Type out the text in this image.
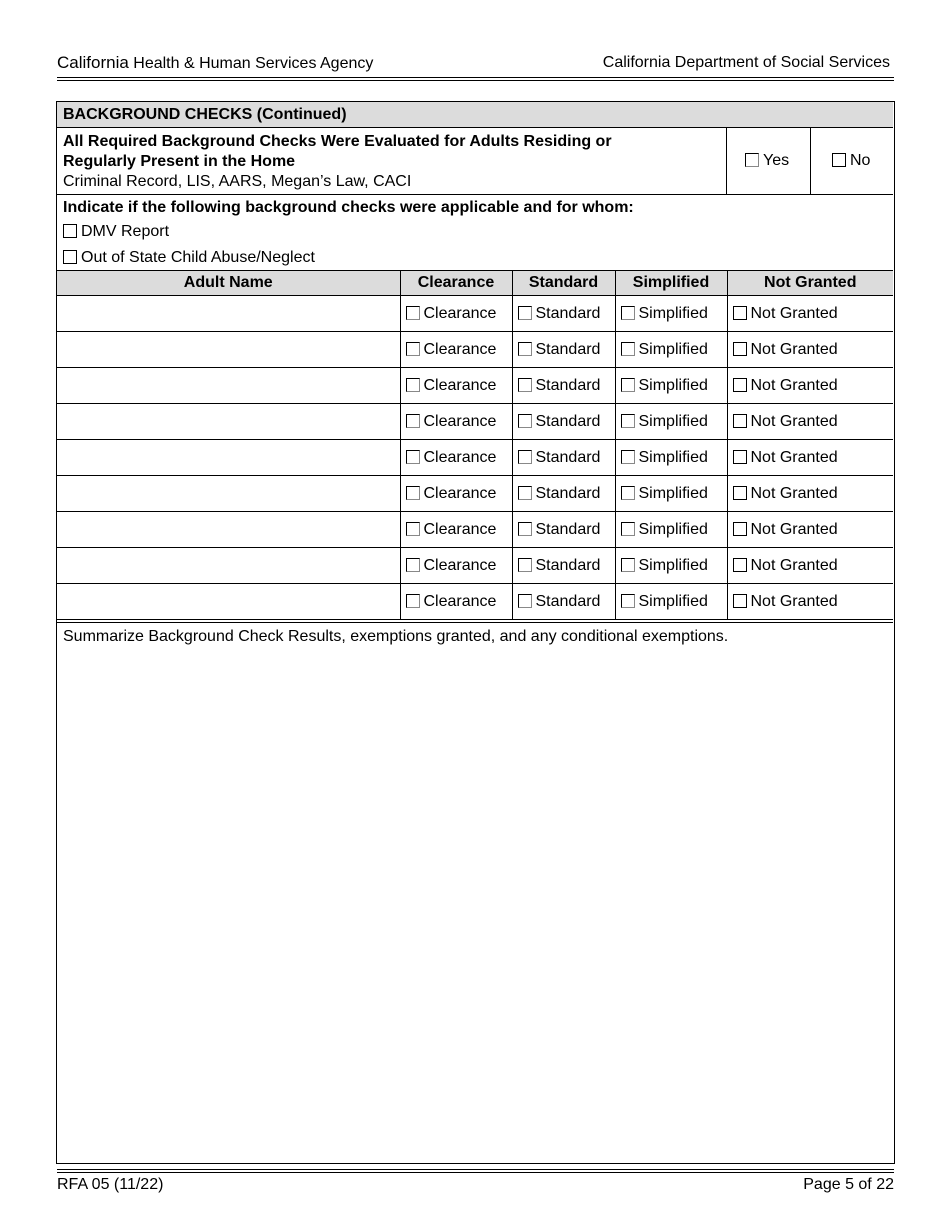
California Health & Human Services Agency	California Department of Social Services
BACKGROUND CHECKS (Continued)
All Required Background Checks Were Evaluated for Adults Residing or
Regularly Present in the Home
Criminal Record, LIS, AARS, Megan’s Law, CACI
Yes	No
Indicate if the following background checks were applicable and for whom:
DMV Report
Out of State Child Abuse/Neglect
Adult Name	Clearance	Standard	Simplified	Not Granted
	Clearance	Standard	Simplified	Not Granted
	Clearance	Standard	Simplified	Not Granted
	Clearance	Standard	Simplified	Not Granted
	Clearance	Standard	Simplified	Not Granted
	Clearance	Standard	Simplified	Not Granted
	Clearance	Standard	Simplified	Not Granted
	Clearance	Standard	Simplified	Not Granted
	Clearance	Standard	Simplified	Not Granted
	Clearance	Standard	Simplified	Not Granted
Summarize Background Check Results, exemptions granted, and any conditional exemptions.
RFA 05 (11/22)	Page 5 of 22
